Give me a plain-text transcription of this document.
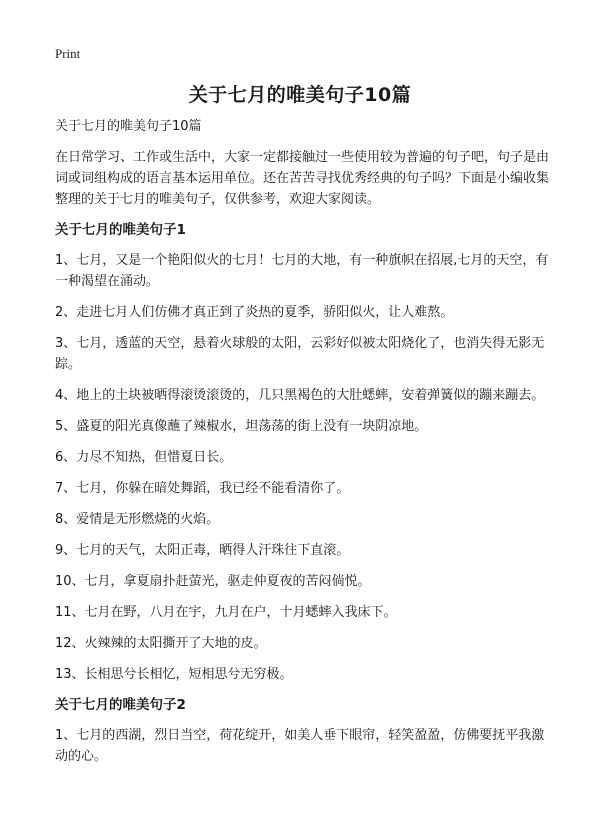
Print
关于七月的唯美句子10篇
关于七月的唯美句子10篇
在日常学习、工作或生活中，大家一定都接触过一些使用较为普遍的句子吧，句子是由词或词组构成的语言基本运用单位。还在苦苦寻找优秀经典的句子吗？下面是小编收集整理的关于七月的唯美句子，仅供参考，欢迎大家阅读。
关于七月的唯美句子1
1、七月，又是一个艳阳似火的七月！七月的大地，有一种旗帜在招展,七月的天空，有一种渴望在涌动。
2、走进七月人们仿佛才真正到了炎热的夏季，骄阳似火，让人难熬。
3、七月，透蓝的天空，悬着火球般的太阳，云彩好似被太阳烧化了，也消失得无影无踪。
4、地上的土块被晒得滚烫滚烫的，几只黑褐色的大肚蟋蟀，安着弹簧似的蹦来蹦去。
5、盛夏的阳光真像蘸了辣椒水，坦荡荡的街上没有一块阴凉地。
6、力尽不知热，但惜夏日长。
7、七月，你躲在暗处舞蹈，我已经不能看清你了。
8、爱情是无形燃烧的火焰。
9、七月的天气，太阳正毒，晒得人汗珠往下直滚。
10、七月，拿夏扇扑赶萤光，驱走仲夏夜的苦闷倘悦。
11、七月在野，八月在宇，九月在户，十月蟋蟀入我床下。
12、火辣辣的太阳撕开了大地的皮。
13、长相思兮长相忆，短相思兮无穷极。
关于七月的唯美句子2
1、七月的西湖，烈日当空，荷花绽开，如美人垂下眼帘，轻笑盈盈，仿佛要抚平我激动的心。
